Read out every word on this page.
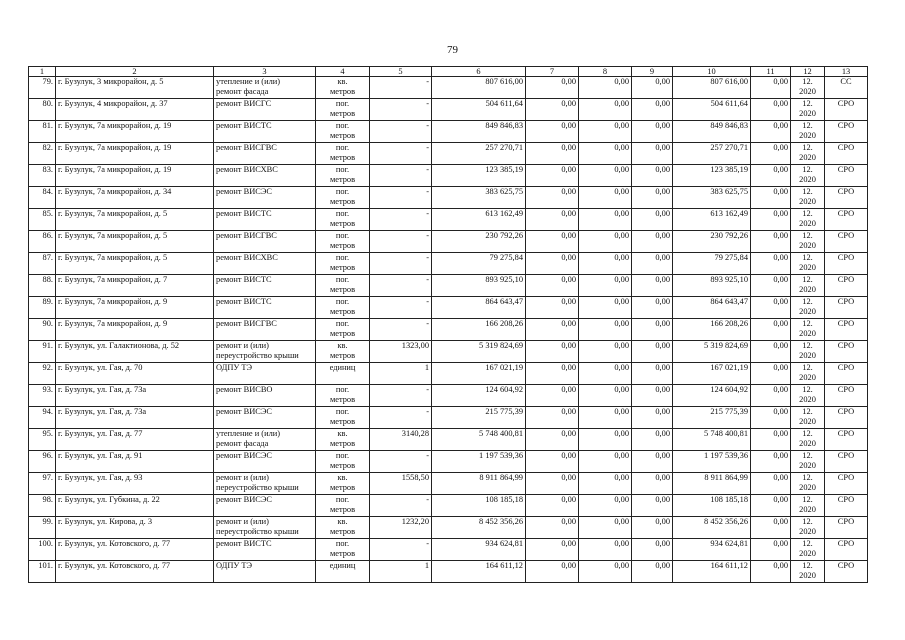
79
1	2	3	4	5	6	7	8	9	10	11	12	13

79.	г. Бузулук, 3 микрорайон, д. 5	утепление и (или)
ремонт фасада	кв.
метров	-	807 616,00	0,00	0,00	0,00	807 616,00	0,00	12.
2020	СС

80.	г. Бузулук, 4 микрорайон, д. 37	ремонт ВИСГС	пог.
метров	-	504 611,64	0,00	0,00	0,00	504 611,64	0,00	12.
2020	СРО

81.	г. Бузулук, 7а микрорайон, д. 19	ремонт ВИСТС	пог.
метров	-	849 846,83	0,00	0,00	0,00	849 846,83	0,00	12.
2020	СРО

82.	г. Бузулук, 7а микрорайон, д. 19	ремонт ВИСГВС	пог.
метров	-	257 270,71	0,00	0,00	0,00	257 270,71	0,00	12.
2020	СРО

83.	г. Бузулук, 7а микрорайон, д. 19	ремонт ВИСХВС	пог.
метров	-	123 385,19	0,00	0,00	0,00	123 385,19	0,00	12.
2020	СРО

84.	г. Бузулук, 7а микрорайон, д. 34	ремонт ВИСЭС	пог.
метров	-	383 625,75	0,00	0,00	0,00	383 625,75	0,00	12.
2020	СРО

85.	г. Бузулук, 7а микрорайон, д. 5	ремонт ВИСТС	пог.
метров	-	613 162,49	0,00	0,00	0,00	613 162,49	0,00	12.
2020	СРО

86.	г. Бузулук, 7а микрорайон, д. 5	ремонт ВИСГВС	пог.
метров	-	230 792,26	0,00	0,00	0,00	230 792,26	0,00	12.
2020	СРО

87.	г. Бузулук, 7а микрорайон, д. 5	ремонт ВИСХВС	пог.
метров	-	79 275,84	0,00	0,00	0,00	79 275,84	0,00	12.
2020	СРО

88.	г. Бузулук, 7а микрорайон, д. 7	ремонт ВИСТС	пог.
метров	-	893 925,10	0,00	0,00	0,00	893 925,10	0,00	12.
2020	СРО

89.	г. Бузулук, 7а микрорайон, д. 9	ремонт ВИСТС	пог.
метров	-	864 643,47	0,00	0,00	0,00	864 643,47	0,00	12.
2020	СРО

90.	г. Бузулук, 7а микрорайон, д. 9	ремонт ВИСГВС	пог.
метров	-	166 208,26	0,00	0,00	0,00	166 208,26	0,00	12.
2020	СРО

91.	г. Бузулук, ул. Галактионова, д. 52	ремонт и (или)
переустройство крыши	кв.
метров	1323,00	5 319 824,69	0,00	0,00	0,00	5 319 824,69	0,00	12.
2020	СРО

92.	г. Бузулук, ул. Гая, д. 70	ОДПУ ТЭ	единиц	1	167 021,19	0,00	0,00	0,00	167 021,19	0,00	12.
2020	СРО

93.	г. Бузулук, ул. Гая, д. 73а	ремонт ВИСВО	пог.
метров	-	124 604,92	0,00	0,00	0,00	124 604,92	0,00	12.
2020	СРО

94.	г. Бузулук, ул. Гая, д. 73а	ремонт ВИСЭС	пог.
метров	-	215 775,39	0,00	0,00	0,00	215 775,39	0,00	12.
2020	СРО

95.	г. Бузулук, ул. Гая, д. 77	утепление и (или)
ремонт фасада	кв.
метров	3140,28	5 748 400,81	0,00	0,00	0,00	5 748 400,81	0,00	12.
2020	СРО

96.	г. Бузулук, ул. Гая, д. 91	ремонт ВИСЭС	пог.
метров	-	1 197 539,36	0,00	0,00	0,00	1 197 539,36	0,00	12.
2020	СРО

97.	г. Бузулук, ул. Гая, д. 93	ремонт и (или)
переустройство крыши	кв.
метров	1558,50	8 911 864,99	0,00	0,00	0,00	8 911 864,99	0,00	12.
2020	СРО

98.	г. Бузулук, ул. Губкина, д. 22	ремонт ВИСЭС	пог.
метров	-	108 185,18	0,00	0,00	0,00	108 185,18	0,00	12.
2020	СРО

99.	г. Бузулук, ул. Кирова, д. 3	ремонт и (или)
переустройство крыши	кв.
метров	1232,20	8 452 356,26	0,00	0,00	0,00	8 452 356,26	0,00	12.
2020	СРО

100.	г. Бузулук, ул. Котовского, д. 77	ремонт ВИСТС	пог.
метров	-	934 624,81	0,00	0,00	0,00	934 624,81	0,00	12.
2020	СРО

101.	г. Бузулук, ул. Котовского, д. 77	ОДПУ ТЭ	единиц	1	164 611,12	0,00	0,00	0,00	164 611,12	0,00	12.
2020	СРО
